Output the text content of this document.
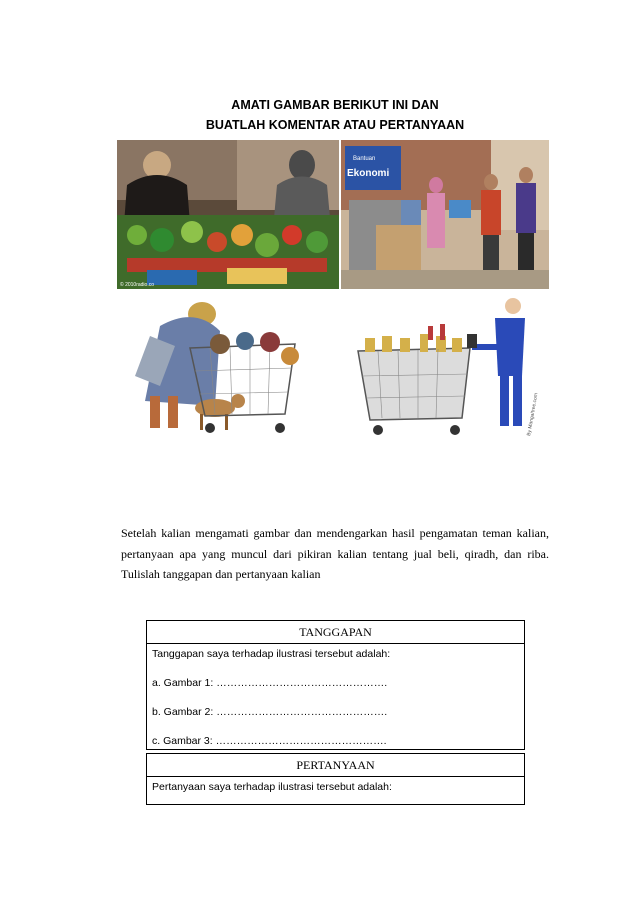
AMATI GAMBAR BERIKUT INI DAN
BUATLAH KOMENTAR ATAU PERTANYAAN
© 2010radio.co
Bantuan
Ekonomi
By Manga/tree.com
Setelah kalian mengamati gambar dan mendengarkan hasil pengamatan teman kalian, pertanyaan apa yang muncul dari pikiran kalian tentang jual beli, qiradh, dan riba. Tulislah tanggapan dan pertanyaan kalian
TANGGAPAN
Tanggapan saya terhadap ilustrasi tersebut adalah:
a. Gambar 1: ………………………………………….
b. Gambar 2: ………………………………………….
c. Gambar 3: ………………………………………….
PERTANYAAN
Pertanyaan saya terhadap ilustrasi tersebut adalah:
